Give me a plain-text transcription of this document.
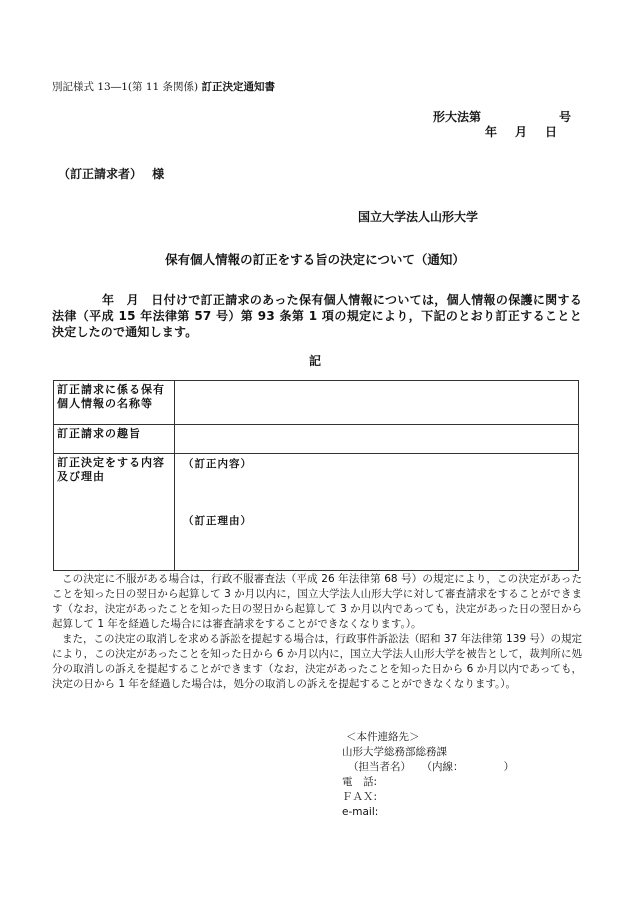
別記様式 13―1(第 11 条関係) 訂正決定通知書
形大法第	号
年 月 日
（訂正請求者）　 様
国立大学法人山形大学
保有個人情報の訂正をする旨の決定について（通知）
年　月　日付けで訂正請求のあった保有個人情報については，個人情報の保護に関する法律（平成 15 年法律第 57 号）第 93 条第 1 項の規定により，下記のとおり訂正することと決定したので通知します。
記
訂正請求に係る保有個人情報の名称等	
訂正請求の趣旨	
訂正決定をする内容及び理由	（訂正内容）
（訂正理由）

この決定に不服がある場合は，行政不服審査法（平成 26 年法律第 68 号）の規定により，この決定があったことを知った日の翌日から起算して 3 か月以内に，国立大学法人山形大学に対して審査請求をすることができます（なお，決定があったことを知った日の翌日から起算して 3 か月以内であっても，決定があった日の翌日から起算して 1 年を経過した場合には審査請求をすることができなくなります。）。

また，この決定の取消しを求める訴訟を提起する場合は，行政事件訴訟法（昭和 37 年法律第 139 号）の規定により，この決定があったことを知った日から 6 か月以内に，国立大学法人山形大学を被告として，裁判所に処分の取消しの訴えを提起することができます（なお，決定があったことを知った日から 6 か月以内であっても，決定の日から 1 年を経過した場合は，処分の取消しの訴えを提起することができなくなります。）。

＜本件連絡先＞
山形大学総務部総務課
（担当者名）　　（内線：　　　　 ）
電　話:
ＦＡＸ:
e-mail:
